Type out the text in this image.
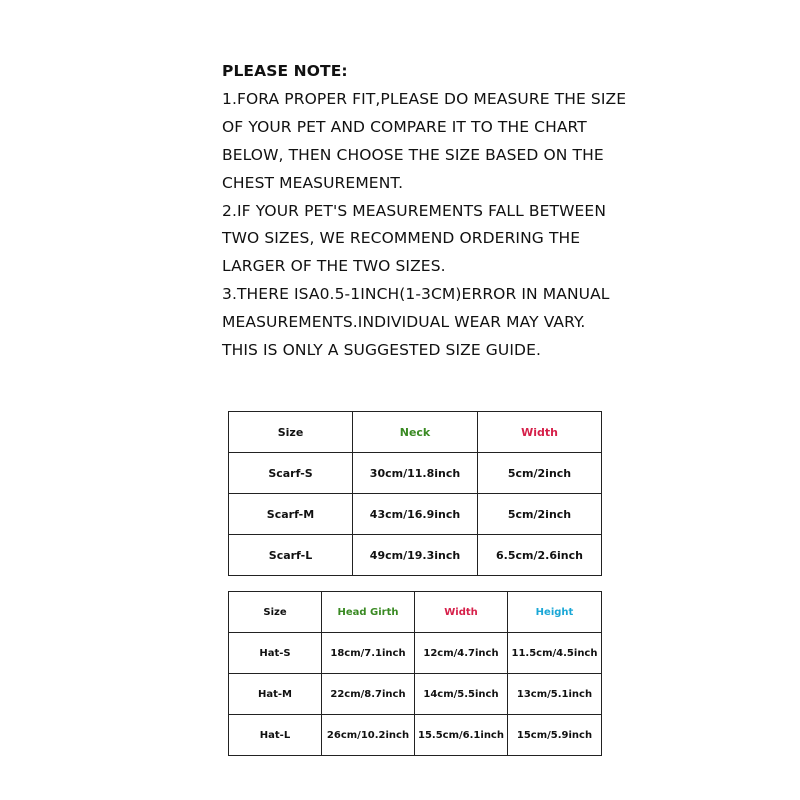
PLEASE NOTE:
1.FORA PROPER FIT,PLEASE DO MEASURE THE SIZE
OF YOUR PET AND COMPARE IT TO THE CHART
BELOW, THEN CHOOSE THE SIZE BASED ON THE
CHEST MEASUREMENT.
2.IF YOUR PET'S MEASUREMENTS FALL BETWEEN
TWO SIZES, WE RECOMMEND ORDERING THE
LARGER OF THE TWO SIZES.
3.THERE ISA0.5-1INCH(1-3CM)ERROR IN MANUAL
MEASUREMENTS.INDIVIDUAL WEAR MAY VARY.
THIS IS ONLY A SUGGESTED SIZE GUIDE.
Size	Neck	Width
Scarf-S	30cm/11.8inch	5cm/2inch
Scarf-M	43cm/16.9inch	5cm/2inch
Scarf-L	49cm/19.3inch	6.5cm/2.6inch
Size	Head Girth	Width	Height
Hat-S	18cm/7.1inch	12cm/4.7inch	11.5cm/4.5inch
Hat-M	22cm/8.7inch	14cm/5.5inch	13cm/5.1inch
Hat-L	26cm/10.2inch	15.5cm/6.1inch	15cm/5.9inch
